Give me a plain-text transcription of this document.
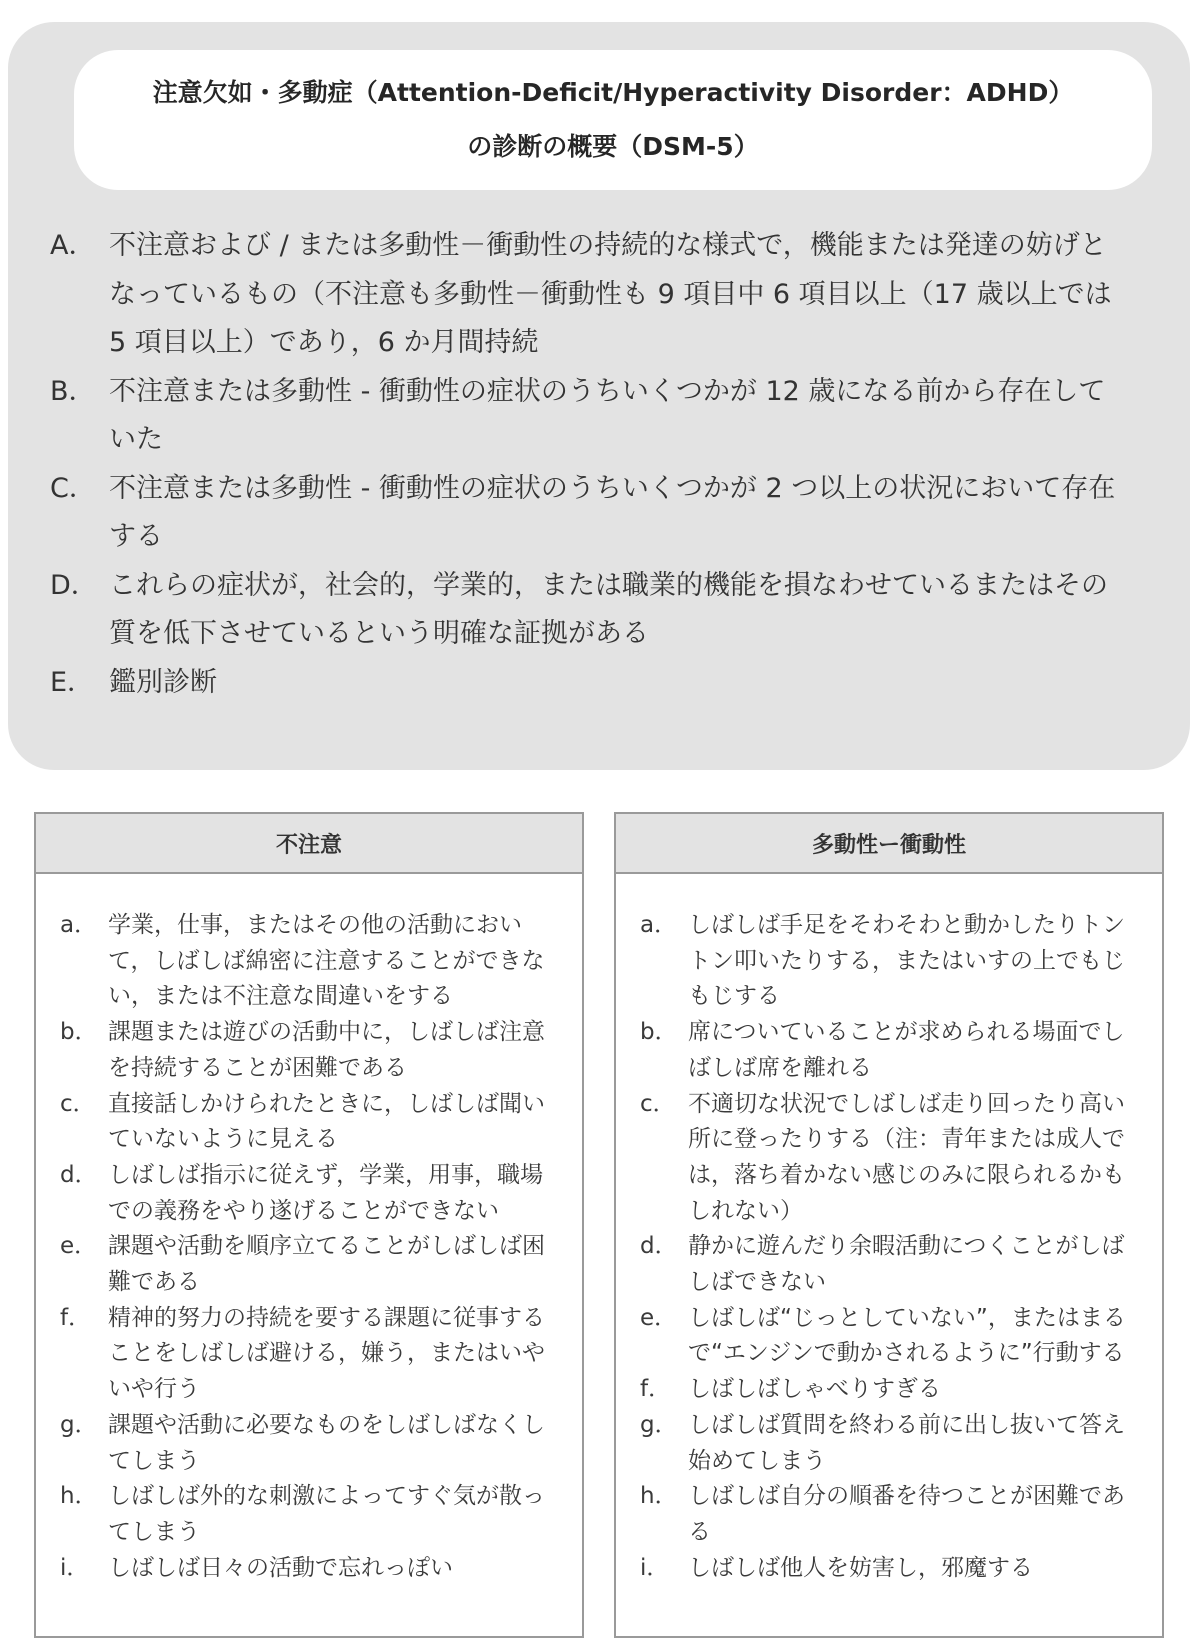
注意欠如・多動症（Attention-Deficit/Hyperactivity Disorder：ADHD）
の診断の概要（DSM-5）
A． 不注意および / または多動性－衝動性の持続的な様式で，機能または発達の妨げとなっているもの（不注意も多動性－衝動性も 9 項目中 6 項目以上（17 歳以上では 5 項目以上）であり，6 か月間持続
B． 不注意または多動性 - 衝動性の症状のうちいくつかが 12 歳になる前から存在していた
C． 不注意または多動性 - 衝動性の症状のうちいくつかが 2 つ以上の状況において存在する
D． これらの症状が，社会的，学業的，または職業的機能を損なわせているまたはその質を低下させているという明確な証拠がある
E． 鑑別診断
不注意
a． 学業，仕事，またはその他の活動において，しばしば綿密に注意することができない，または不注意な間違いをする
b． 課題または遊びの活動中に，しばしば注意を持続することが困難である
c． 直接話しかけられたときに，しばしば聞いていないように見える
d． しばしば指示に従えず，学業，用事，職場での義務をやり遂げることができない
e． 課題や活動を順序立てることがしばしば困難である
f． 精神的努力の持続を要する課題に従事することをしばしば避ける，嫌う，またはいやいや行う
g． 課題や活動に必要なものをしばしばなくしてしまう
h． しばしば外的な刺激によってすぐ気が散ってしまう
i． しばしば日々の活動で忘れっぽい
多動性ー衝動性
a． しばしば手足をそわそわと動かしたりトントン叩いたりする，またはいすの上でもじもじする
b． 席についていることが求められる場面でしばしば席を離れる
c． 不適切な状況でしばしば走り回ったり高い所に登ったりする（注：青年または成人では，落ち着かない感じのみに限られるかもしれない）
d． 静かに遊んだり余暇活動につくことがしばしばできない
e． しばしば“じっとしていない”，またはまるで“エンジンで動かされるように”行動する
f． しばしばしゃべりすぎる
g． しばしば質問を終わる前に出し抜いて答え始めてしまう
h． しばしば自分の順番を待つことが困難である
i． しばしば他人を妨害し，邪魔する
